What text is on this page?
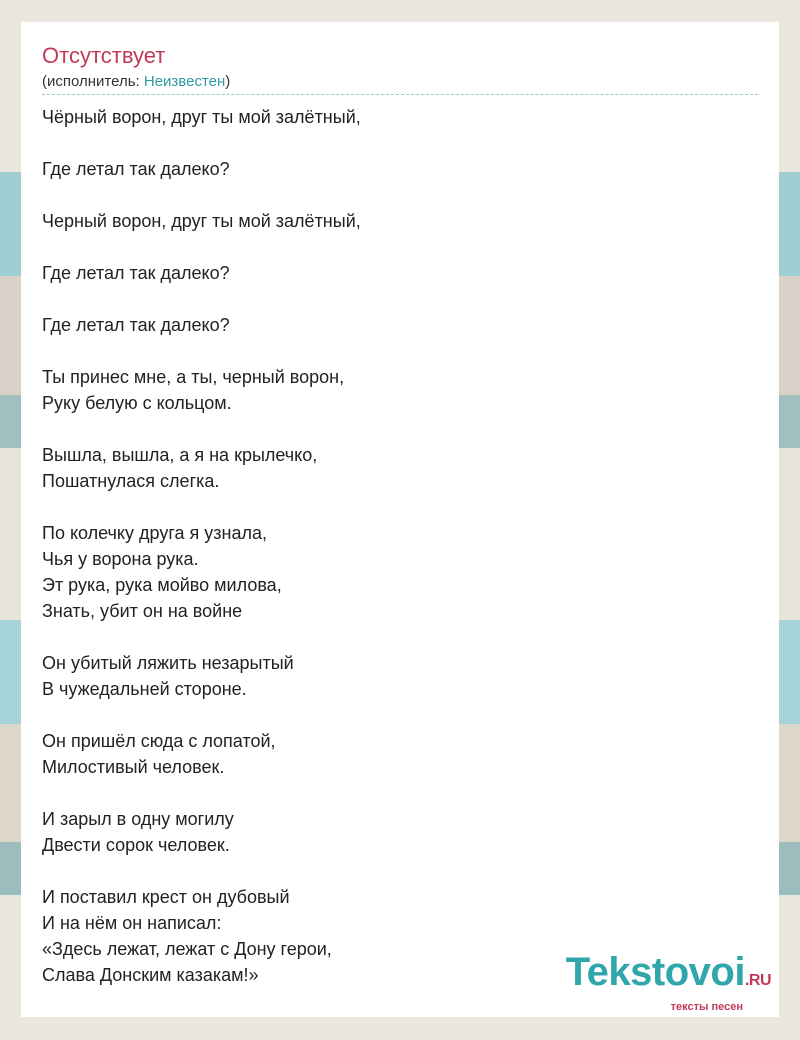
Отсутствует
(исполнитель: Неизвестен)
Чёрный ворон, друг ты мой залётный,
Где летал так далеко?
Черный ворон, друг ты мой залётный,
Где летал так далеко?
Где летал так далеко?
Ты принес мне, а ты, черный ворон,
Руку белую с кольцом.
Вышла, вышла, а я на крылечко,
Пошатнулася слегка.
По колечку друга я узнала,
Чья у ворона рука.
Эт рука, рука мойво милова,
Знать, убит он на войне
Он убитый ляжить незарытый
В чужедальней стороне.
Он пришёл сюда с лопатой,
Милостивый человек.
И зарыл в одну могилу
Двести сорок человек.
И поставил крест он дубовый
И на нём он написал:
«Здесь лежат, лежат с Дону герои,
Слава Донским казакам!»	Tekstovoi.RU
тексты песен
